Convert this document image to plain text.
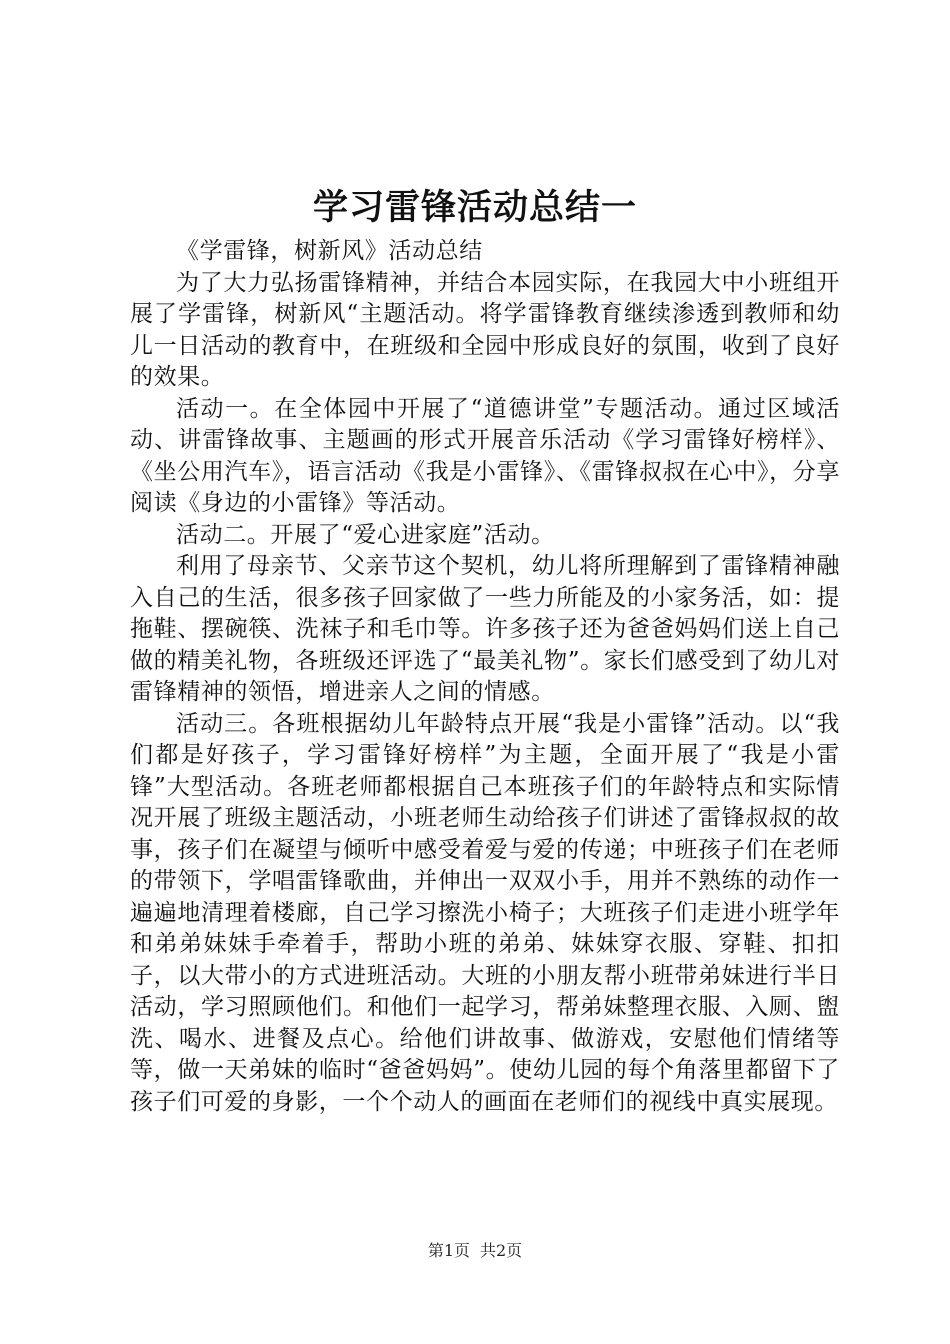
学习雷锋活动总结一

《学雷锋，树新风》活动总结

为了大力弘扬雷锋精神，并结合本园实际，在我园大中小班组开展了学雷锋，树新风“主题活动。将学雷锋教育继续渗透到教师和幼儿一日活动的教育中，在班级和全园中形成良好的氛围，收到了良好的效果。

活动一。在全体园中开展了“道德讲堂”专题活动。通过区域活动、讲雷锋故事、主题画的形式开展音乐活动《学习雷锋好榜样》、《坐公用汽车》，语言活动《我是小雷锋》、《雷锋叔叔在心中》，分享阅读《身边的小雷锋》等活动。

活动二。开展了“爱心进家庭”活动。

利用了母亲节、父亲节这个契机，幼儿将所理解到了雷锋精神融入自己的生活，很多孩子回家做了一些力所能及的小家务活，如：提拖鞋、摆碗筷、洗袜子和毛巾等。许多孩子还为爸爸妈妈们送上自己做的精美礼物，各班级还评选了“最美礼物”。家长们感受到了幼儿对雷锋精神的领悟，增进亲人之间的情感。

活动三。各班根据幼儿年龄特点开展“我是小雷锋”活动。以“我们都是好孩子，学习雷锋好榜样”为主题，全面开展了“我是小雷锋”大型活动。各班老师都根据自己本班孩子们的年龄特点和实际情况开展了班级主题活动，小班老师生动给孩子们讲述了雷锋叔叔的故事，孩子们在凝望与倾听中感受着爱与爱的传递；中班孩子们在老师的带领下，学唱雷锋歌曲，并伸出一双双小手，用并不熟练的动作一遍遍地清理着楼廊，自己学习擦洗小椅子；大班孩子们走进小班学年和弟弟妹妹手牵着手，帮助小班的弟弟、妹妹穿衣服、穿鞋、扣扣子，以大带小的方式进班活动。大班的小朋友帮小班带弟妹进行半日活动，学习照顾他们。和他们一起学习，帮弟妹整理衣服、入厕、盥洗、喝水、进餐及点心。给他们讲故事、做游戏，安慰他们情绪等等，做一天弟妹的临时“爸爸妈妈”。使幼儿园的每个角落里都留下了孩子们可爱的身影，一个个动人的画面在老师们的视线中真实展现。

第1页 共2页
